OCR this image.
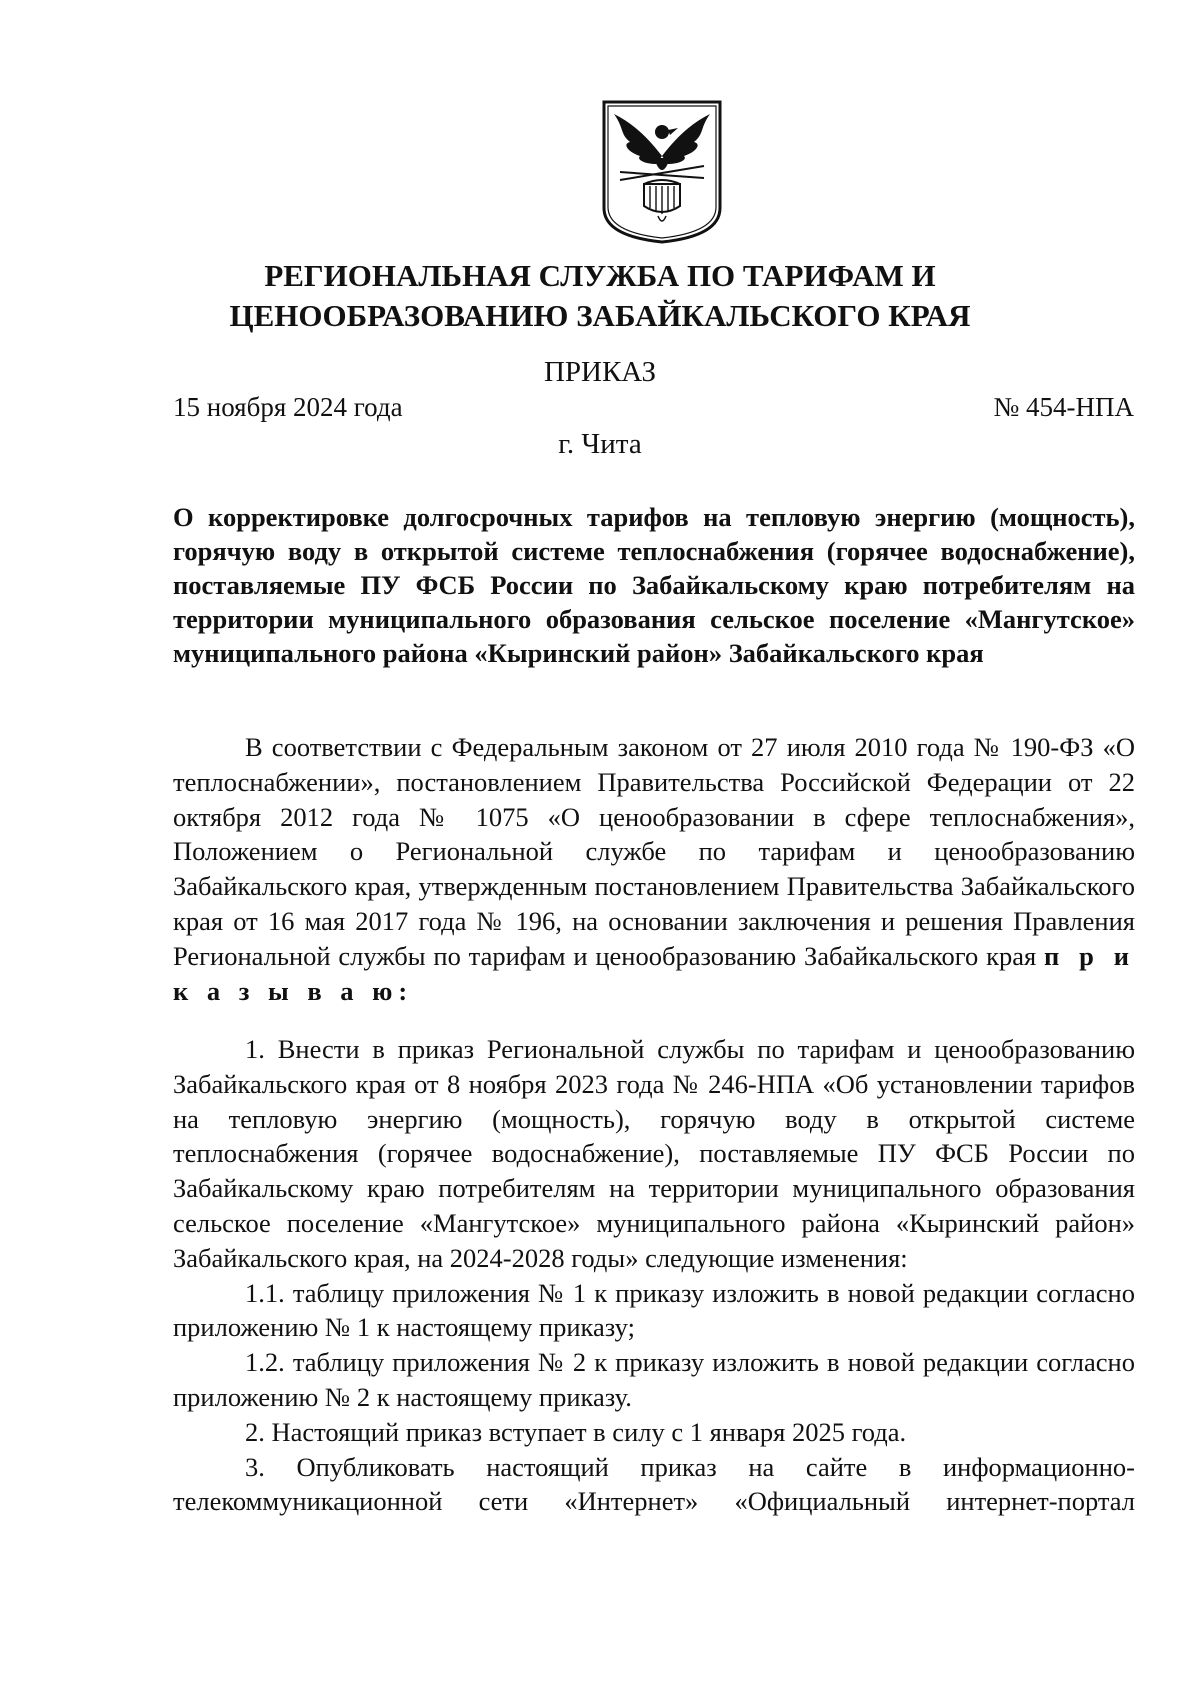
РЕГИОНАЛЬНАЯ СЛУЖБА ПО ТАРИФАМ И
ЦЕНООБРАЗОВАНИЮ ЗАБАЙКАЛЬСКОГО КРАЯ
ПРИКАЗ
15 ноября 2024 года	№ 454-НПА
г. Чита
О корректировке долгосрочных тарифов на тепловую энергию (мощность), горячую воду в открытой системе теплоснабжения (горячее водоснабжение), поставляемые ПУ ФСБ России по Забайкальскому краю потребителям на территории муниципального образования сельское поселение «Мангутское» муниципального района «Кыринский район» Забайкальского края

В соответствии с Федеральным законом от 27 июля 2010 года № 190-ФЗ «О теплоснабжении», постановлением Правительства Российской Федерации от 22 октября 2012 года № 1075 «О ценообразовании в сфере теплоснабжения», Положением о Региональной службе по тарифам и ценообразованию Забайкальского края, утвержденным постановлением Правительства Забайкальского края от 16 мая 2017 года № 196, на основании заключения и решения Правления Региональной службы по тарифам и ценообразованию Забайкальского края п р и к а з ы в а ю:

1. Внести в приказ Региональной службы по тарифам и ценообразованию Забайкальского края от 8 ноября 2023 года № 246-НПА «Об установлении тарифов на тепловую энергию (мощность), горячую воду в открытой системе теплоснабжения (горячее водоснабжение), поставляемые ПУ ФСБ России по Забайкальскому краю потребителям на территории муниципального образования сельское поселение «Мангутское» муниципального района «Кыринский район» Забайкальского края, на 2024-2028 годы» следующие изменения:

1.1. таблицу приложения № 1 к приказу изложить в новой редакции согласно приложению № 1 к настоящему приказу;

1.2. таблицу приложения № 2 к приказу изложить в новой редакции согласно приложению № 2 к настоящему приказу.

2. Настоящий приказ вступает в силу с 1 января 2025 года.

3. Опубликовать настоящий приказ на сайте в информационно-телекоммуникационной сети «Интернет» «Официальный интернет-портал
